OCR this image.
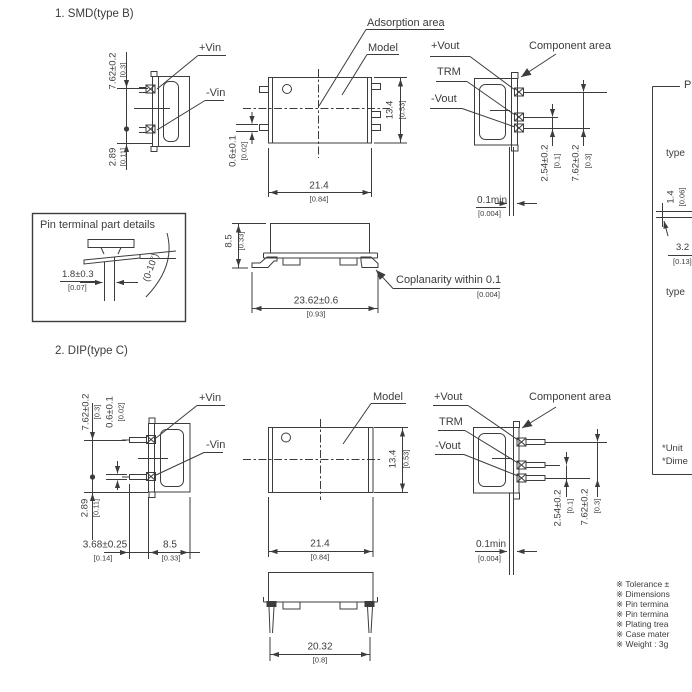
1. SMD(type B)
+Vin
-Vin
7.62±0.2 [0.3]
2.89 [0.11]
Adsorption area
Model
0.6±0.1 [0.02]
13.4 [0.53]
21.4
[0.84]
+Vout
TRM
-Vout
Component area
2.54±0.2 [0.1] 7.62±0.2 [0.3]
0.1min
[0.004]
8.5 [0.33]
Coplanarity within 0.1
[0.004]
23.62±0.6
[0.93]
Pin terminal part details
1.8±0.3
[0.07]
(0-10°)
P
type
1.4 [0.06]
3.2
[0.13]
type
*Unit
*Dime
2. DIP(type C)
+Vin
-Vin
7.62±0.2 [0.3] 0.6±0.1 [0.02]
2.89 [0.11]
3.68±0.25
[0.14]
8.5
[0.33]
Model
13.4 [0.53]
21.4
[0.84]
+Vout
TRM
-Vout
Component area
2.54±0.2 [0.1] 7.62±0.2 [0.3]
0.1min
[0.004]
20.32
[0.8]
※ Tolerance ±
※ Dimensions
※ Pin termina
※ Pin termina
※ Plating trea
※ Case mater
※ Weight : 3g
